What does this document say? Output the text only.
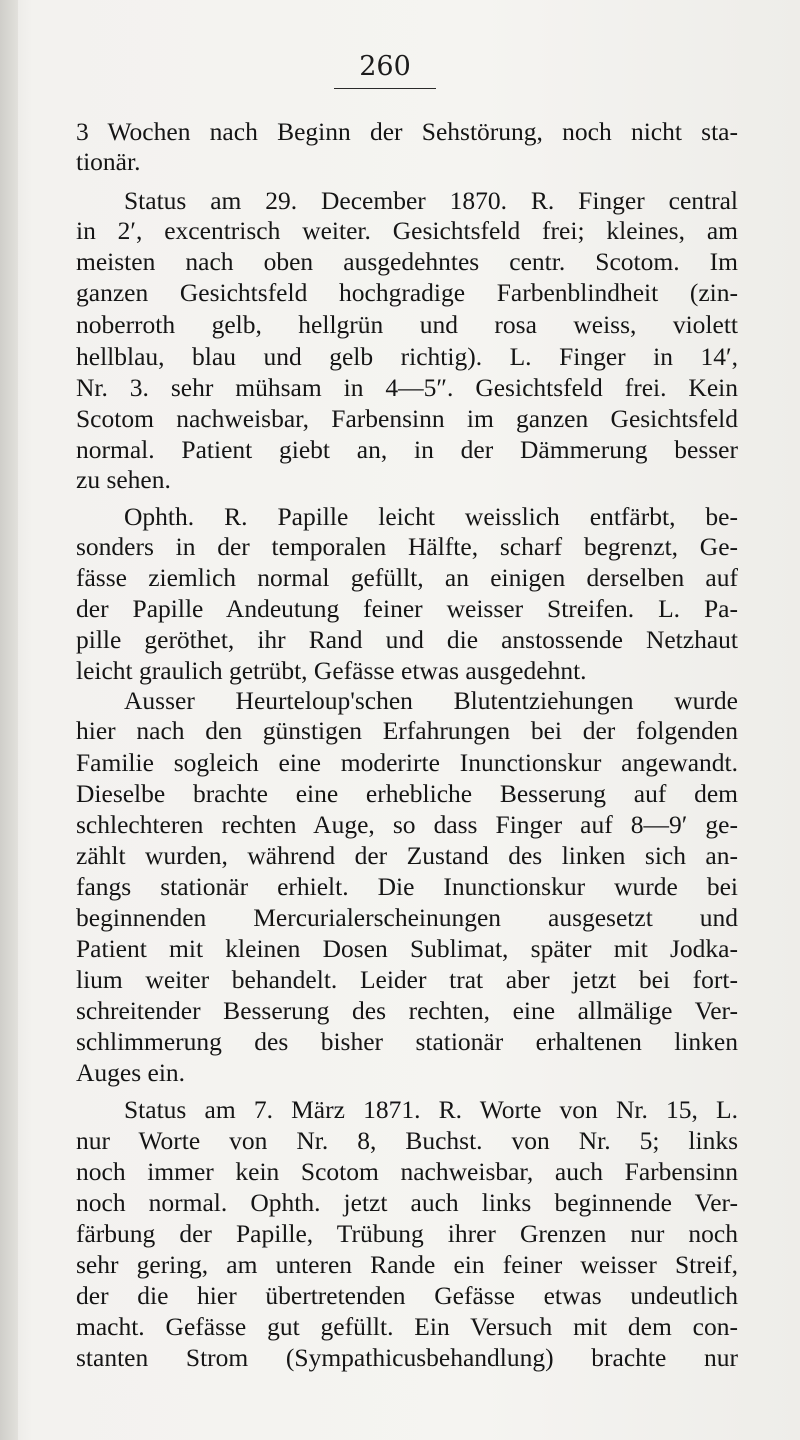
260
3 Wochen nach Beginn der Sehstörung, noch nicht sta-
tionär.
Status am 29. December 1870. R. Finger central
in 2′, excentrisch weiter. Gesichtsfeld frei; kleines, am
meisten nach oben ausgedehntes centr. Scotom. Im
ganzen Gesichtsfeld hochgradige Farbenblindheit (zin-
noberroth gelb, hellgrün und rosa weiss, violett
hellblau, blau und gelb richtig). L. Finger in 14′,
Nr. 3. sehr mühsam in 4—5″. Gesichtsfeld frei. Kein
Scotom nachweisbar, Farbensinn im ganzen Gesichtsfeld
normal. Patient giebt an, in der Dämmerung besser
zu sehen.
Ophth. R. Papille leicht weisslich entfärbt, be-
sonders in der temporalen Hälfte, scharf begrenzt, Ge-
fässe ziemlich normal gefüllt, an einigen derselben auf
der Papille Andeutung feiner weisser Streifen. L. Pa-
pille geröthet, ihr Rand und die anstossende Netzhaut
leicht graulich getrübt, Gefässe etwas ausgedehnt.
Ausser Heurteloup'schen Blutentziehungen wurde
hier nach den günstigen Erfahrungen bei der folgenden
Familie sogleich eine moderirte Inunctionskur angewandt.
Dieselbe brachte eine erhebliche Besserung auf dem
schlechteren rechten Auge, so dass Finger auf 8—9′ ge-
zählt wurden, während der Zustand des linken sich an-
fangs stationär erhielt. Die Inunctionskur wurde bei
beginnenden Mercurialerscheinungen ausgesetzt und
Patient mit kleinen Dosen Sublimat, später mit Jodka-
lium weiter behandelt. Leider trat aber jetzt bei fort-
schreitender Besserung des rechten, eine allmälige Ver-
schlimmerung des bisher stationär erhaltenen linken
Auges ein.
Status am 7. März 1871. R. Worte von Nr. 15, L.
nur Worte von Nr. 8, Buchst. von Nr. 5; links
noch immer kein Scotom nachweisbar, auch Farbensinn
noch normal. Ophth. jetzt auch links beginnende Ver-
färbung der Papille, Trübung ihrer Grenzen nur noch
sehr gering, am unteren Rande ein feiner weisser Streif,
der die hier übertretenden Gefässe etwas undeutlich
macht. Gefässe gut gefüllt. Ein Versuch mit dem con-
stanten Strom (Sympathicusbehandlung) brachte nur
